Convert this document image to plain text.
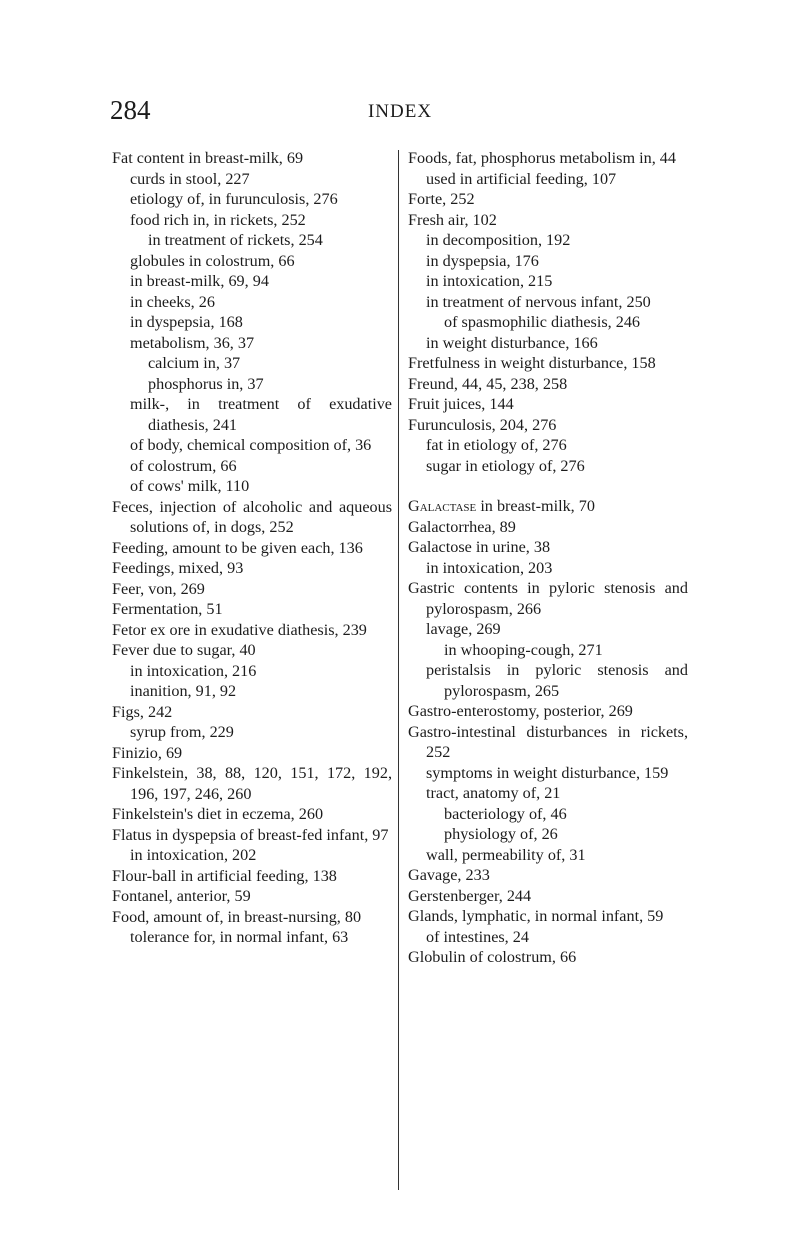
284	INDEX
Fat content in breast-milk, 69
curds in stool, 227
etiology of, in furunculosis, 276
food rich in, in rickets, 252
in treatment of rickets, 254
globules in colostrum, 66
in breast-milk, 69, 94
in cheeks, 26
in dyspepsia, 168
metabolism, 36, 37
calcium in, 37
phosphorus in, 37
milk-, in treatment of exudative diathesis, 241
of body, chemical composition of, 36
of colostrum, 66
of cows' milk, 110
Feces, injection of alcoholic and aqueous solutions of, in dogs, 252
Feeding, amount to be given each, 136
Feedings, mixed, 93
Feer, von, 269
Fermentation, 51
Fetor ex ore in exudative diathesis, 239
Fever due to sugar, 40
in intoxication, 216
inanition, 91, 92
Figs, 242
syrup from, 229
Finizio, 69
Finkelstein, 38, 88, 120, 151, 172, 192, 196, 197, 246, 260
Finkelstein's diet in eczema, 260
Flatus in dyspepsia of breast-fed infant, 97
in intoxication, 202
Flour-ball in artificial feeding, 138
Fontanel, anterior, 59
Food, amount of, in breast-nursing, 80
tolerance for, in normal infant, 63
Foods, fat, phosphorus metabolism in, 44
used in artificial feeding, 107
Forte, 252
Fresh air, 102
in decomposition, 192
in dyspepsia, 176
in intoxication, 215
in treatment of nervous infant, 250
of spasmophilic diathesis, 246
in weight disturbance, 166
Fretfulness in weight disturbance, 158
Freund, 44, 45, 238, 258
Fruit juices, 144
Furunculosis, 204, 276
fat in etiology of, 276
sugar in etiology of, 276
Galactase in breast-milk, 70
Galactorrhea, 89
Galactose in urine, 38
in intoxication, 203
Gastric contents in pyloric stenosis and pylorospasm, 266
lavage, 269
in whooping-cough, 271
peristalsis in pyloric stenosis and pylorospasm, 265
Gastro-enterostomy, posterior, 269
Gastro-intestinal disturbances in rickets, 252
symptoms in weight disturbance, 159
tract, anatomy of, 21
bacteriology of, 46
physiology of, 26
wall, permeability of, 31
Gavage, 233
Gerstenberger, 244
Glands, lymphatic, in normal infant, 59
of intestines, 24
Globulin of colostrum, 66
